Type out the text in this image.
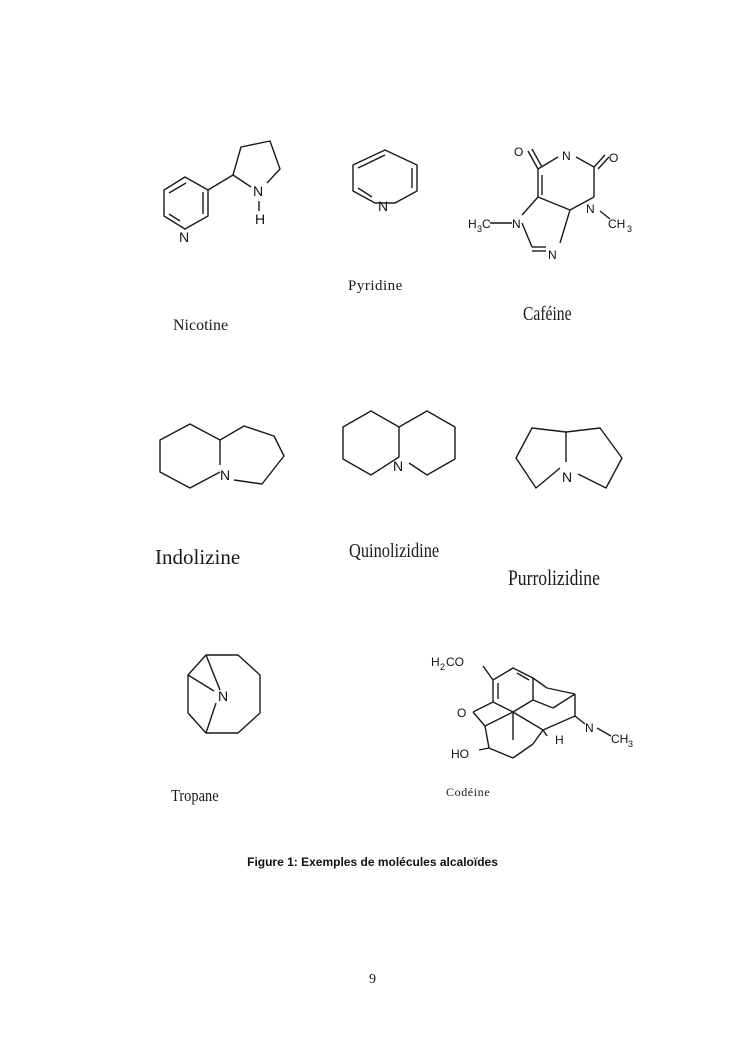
N
N
H
Nicotine
N
Pyridine
O	N	O
N
CH 3
H 3 C N
N
Caféine
N
Indolizine
N
Quinolizidine
N
Purrolizidine
N
Tropane
H 2 CO
O
HO
H
N
CH 3
Codéine
Figure 1: Exemples de molécules alcaloïdes
9
